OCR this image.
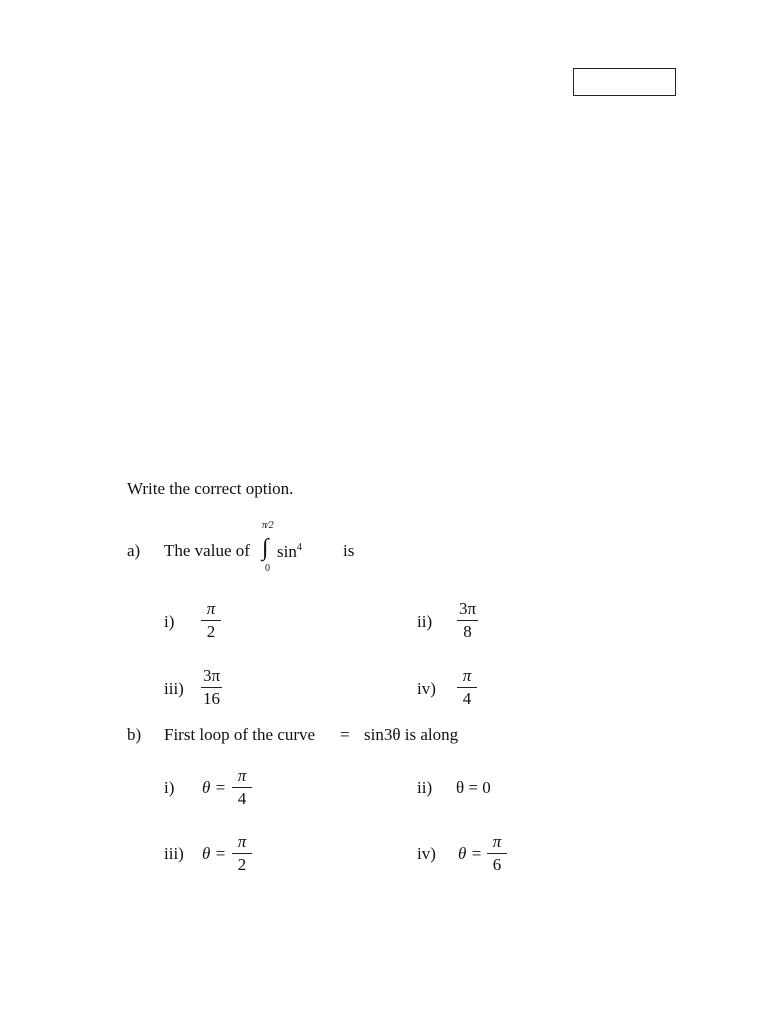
Write the correct option.
a) The value of
π⁄2
∫
0
$\sin^4$ is
$i) \frac{\pi}{2}$	$ii) \frac{3\pi}{8}$
$iii) \frac{3\pi}{16}$	$iv) \frac{\pi}{4}$
b) First loop of the curve = sin3θ is along
i) $\theta = \frac{\pi}{4}$	ii) θ = 0
iii) $\theta = \frac{\pi}{2}$	iv) $\theta = \frac{\pi}{6}$
